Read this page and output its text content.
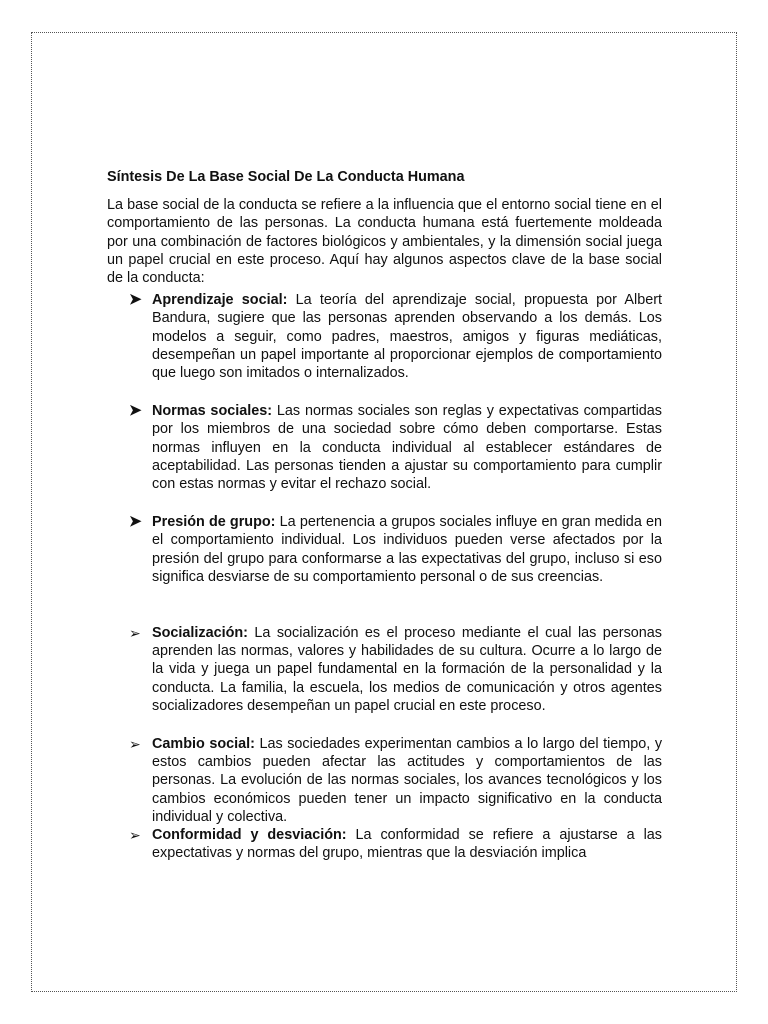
Síntesis De La Base Social De La Conducta Humana

La base social de la conducta se refiere a la influencia que el entorno social tiene en el comportamiento de las personas. La conducta humana está fuertemente moldeada por una combinación de factores biológicos y ambientales, y la dimensión social juega un papel crucial en este proceso. Aquí hay algunos aspectos clave de la base social de la conducta:

➤ Aprendizaje social: La teoría del aprendizaje social, propuesta por Albert Bandura, sugiere que las personas aprenden observando a los demás. Los modelos a seguir, como padres, maestros, amigos y figuras mediáticas, desempeñan un papel importante al proporcionar ejemplos de comportamiento que luego son imitados o internalizados.
➤ Normas sociales: Las normas sociales son reglas y expectativas compartidas por los miembros de una sociedad sobre cómo deben comportarse. Estas normas influyen en la conducta individual al establecer estándares de aceptabilidad. Las personas tienden a ajustar su comportamiento para cumplir con estas normas y evitar el rechazo social.
➤ Presión de grupo: La pertenencia a grupos sociales influye en gran medida en el comportamiento individual. Los individuos pueden verse afectados por la presión del grupo para conformarse a las expectativas del grupo, incluso si eso significa desviarse de su comportamiento personal o de sus creencias.
➢ Socialización: La socialización es el proceso mediante el cual las personas aprenden las normas, valores y habilidades de su cultura. Ocurre a lo largo de la vida y juega un papel fundamental en la formación de la personalidad y la conducta. La familia, la escuela, los medios de comunicación y otros agentes socializadores desempeñan un papel crucial en este proceso.
➢ Cambio social: Las sociedades experimentan cambios a lo largo del tiempo, y estos cambios pueden afectar las actitudes y comportamientos de las personas. La evolución de las normas sociales, los avances tecnológicos y los cambios económicos pueden tener un impacto significativo en la conducta individual y colectiva.
➢ Conformidad y desviación: La conformidad se refiere a ajustarse a las expectativas y normas del grupo, mientras que la desviación implica
